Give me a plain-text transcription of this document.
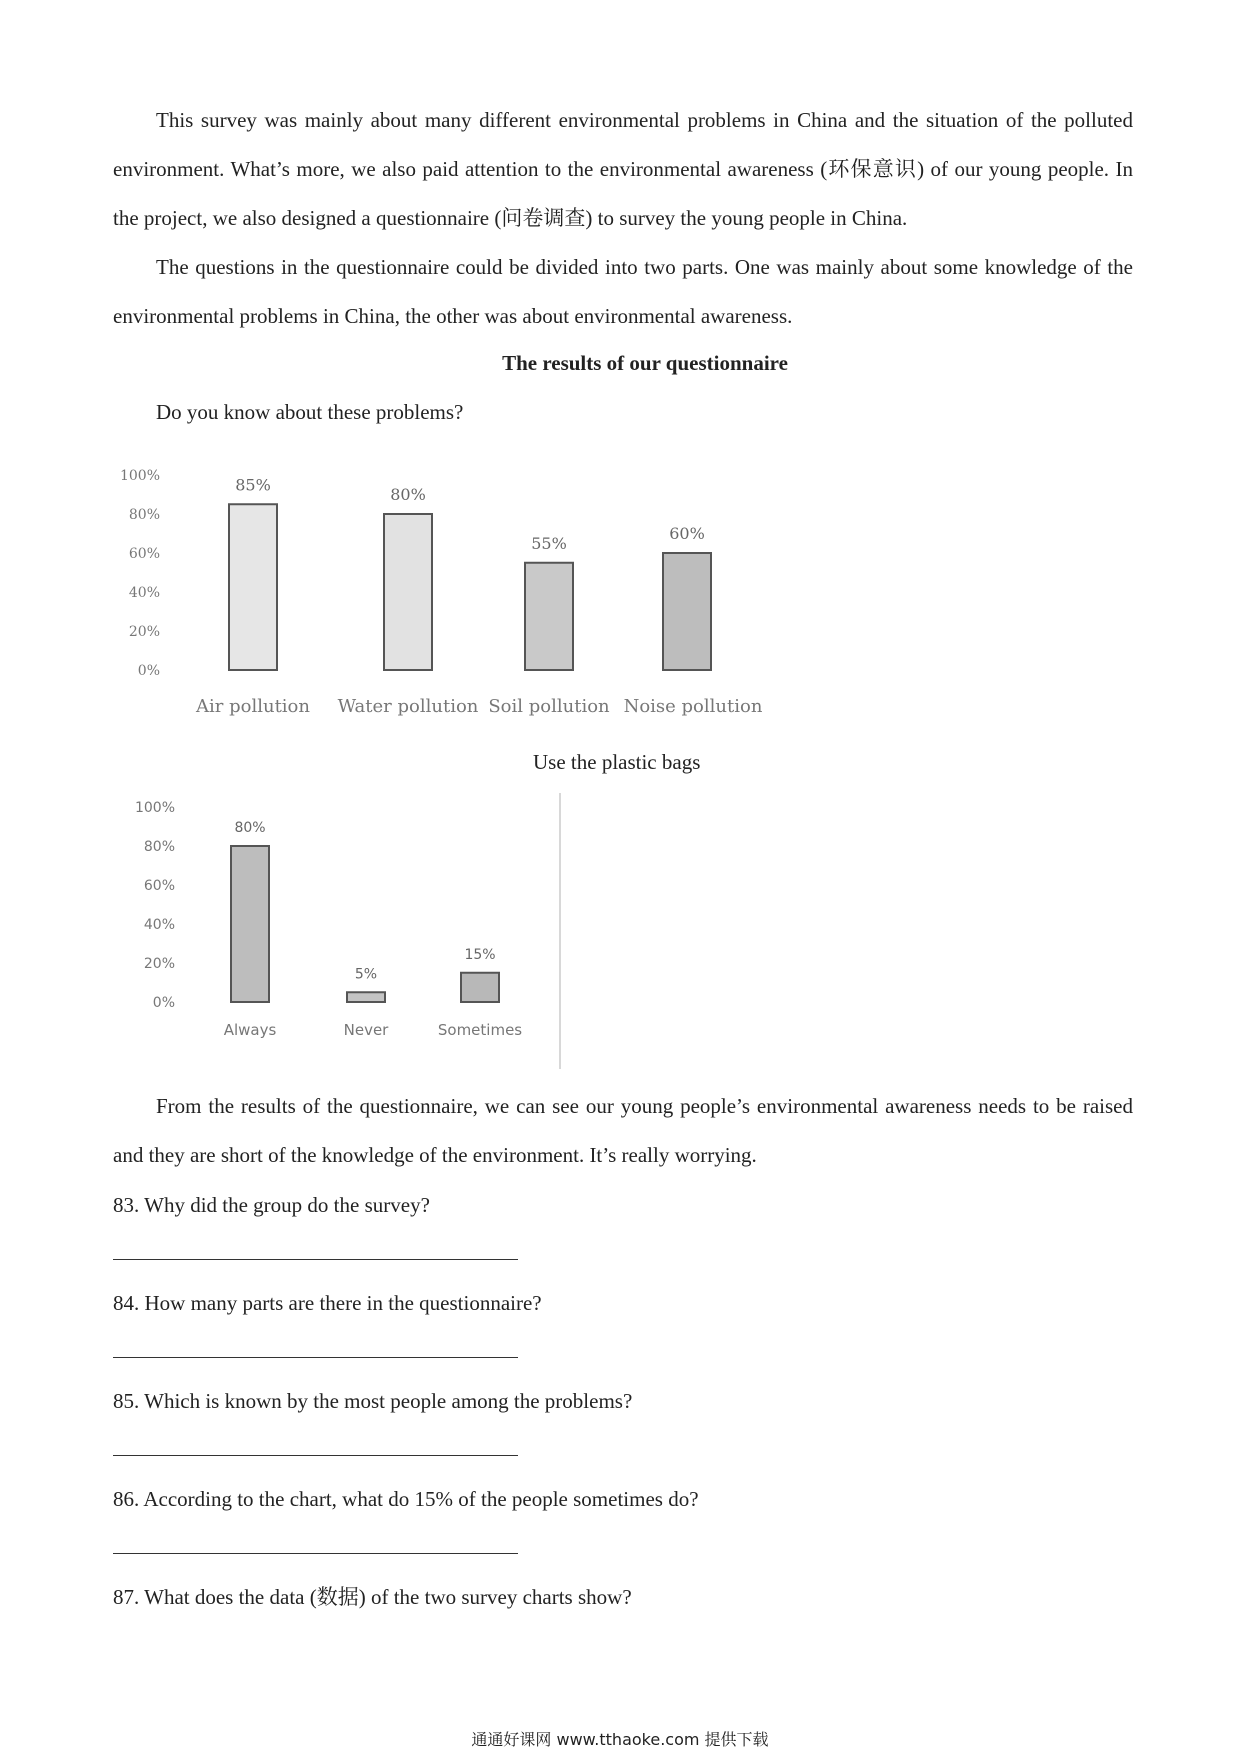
This survey was mainly about many different environmental problems in China and the situation of the polluted environment. What’s more, we also paid attention to the environmental awareness (环保意识) of our young people. In the project, we also designed a questionnaire (问卷调查) to survey the young people in China.

The questions in the questionnaire could be divided into two parts. One was mainly about some knowledge of the environmental problems in China, the other was about environmental awareness.

The results of our questionnaire
Do you know about these problems?
100%
80%
60%
40%
20%
0%
85%
Air pollution
80%
Water pollution
55%
Soil pollution
60%
Noise pollution
Use the plastic bags
100%
80%
60%
40%
20%
0%
80%
Always
5%
Never
15%
Sometimes

From the results of the questionnaire, we can see our young people’s environmental awareness needs to be raised and they are short of the knowledge of the environment. It’s really worrying.

83. Why did the group do the survey?
84. How many parts are there in the questionnaire?
85. Which is known by the most people among the problems?
86. According to the chart, what do 15% of the people sometimes do?
87. What does the data (数据) of the two survey charts show?
通通好课网 www.tthaoke.com 提供下载
